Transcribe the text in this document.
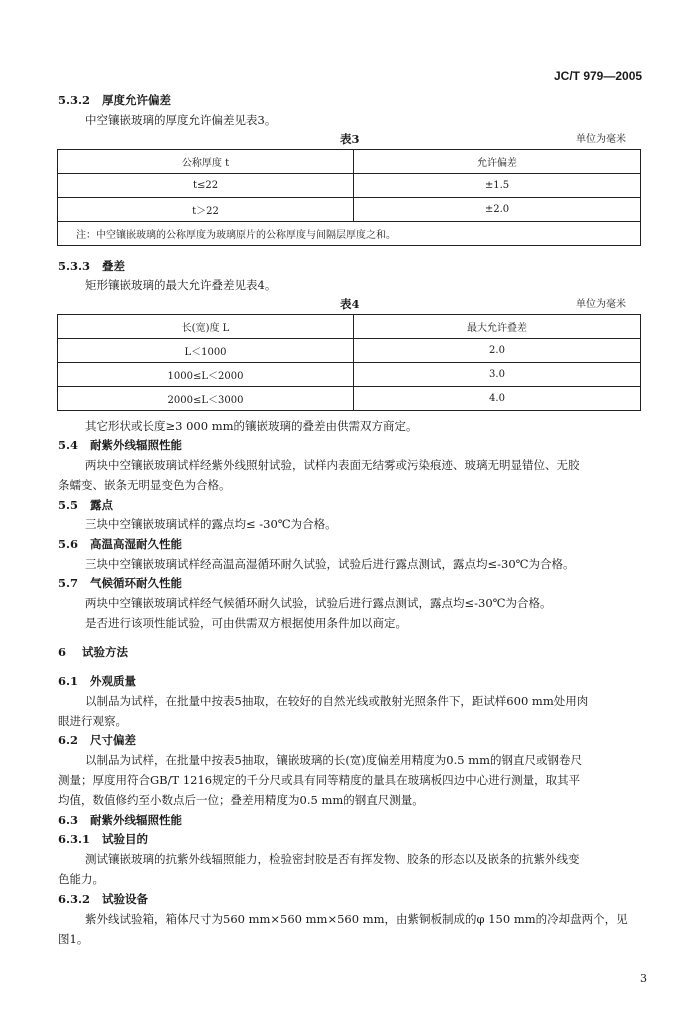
JC/T 979—2005
5.3.2 厚度允许偏差
中空镶嵌玻璃的厚度允许偏差见表3。
表3	单位为毫米
公称厚度 t	允许偏差
t≤22	±1.5
t＞22	±2.0
注：中空镶嵌玻璃的公称厚度为玻璃原片的公称厚度与间隔层厚度之和。	
5.3.3 叠差
矩形镶嵌玻璃的最大允许叠差见表4。
表4	单位为毫米
长(宽)度 L	最大允许叠差
L＜1000	2.0
1000≤L＜2000	3.0
2000≤L＜3000	4.0
其它形状或长度≥3 000 mm的镶嵌玻璃的叠差由供需双方商定。
5.4 耐紫外线辐照性能
两块中空镶嵌玻璃试样经紫外线照射试验，试样内表面无结雾或污染痕迹、玻璃无明显错位、无胶
条蠕变、嵌条无明显变色为合格。
5.5 露点
三块中空镶嵌玻璃试样的露点均≤ -30℃为合格。
5.6 高温高湿耐久性能
三块中空镶嵌玻璃试样经高温高湿循环耐久试验，试验后进行露点测试，露点均≤-30℃为合格。
5.7 气候循环耐久性能
两块中空镶嵌玻璃试样经气候循环耐久试验，试验后进行露点测试，露点均≤-30℃为合格。
是否进行该项性能试验，可由供需双方根据使用条件加以商定。
6 试验方法
6.1 外观质量
以制品为试样，在批量中按表5抽取，在较好的自然光线或散射光照条件下，距试样600 mm处用肉
眼进行观察。
6.2 尺寸偏差
以制品为试样，在批量中按表5抽取，镶嵌玻璃的长(宽)度偏差用精度为0.5 mm的钢直尺或钢卷尺
测量；厚度用符合GB/T 1216规定的千分尺或具有同等精度的量具在玻璃板四边中心进行测量，取其平
均值，数值修约至小数点后一位；叠差用精度为0.5 mm的钢直尺测量。
6.3 耐紫外线辐照性能
6.3.1 试验目的
测试镶嵌玻璃的抗紫外线辐照能力，检验密封胶是否有挥发物、胶条的形态以及嵌条的抗紫外线变
色能力。
6.3.2 试验设备
紫外线试验箱，箱体尺寸为560 mm×560 mm×560 mm，由紫铜板制成的φ 150 mm的冷却盘两个，见
图1。
3
